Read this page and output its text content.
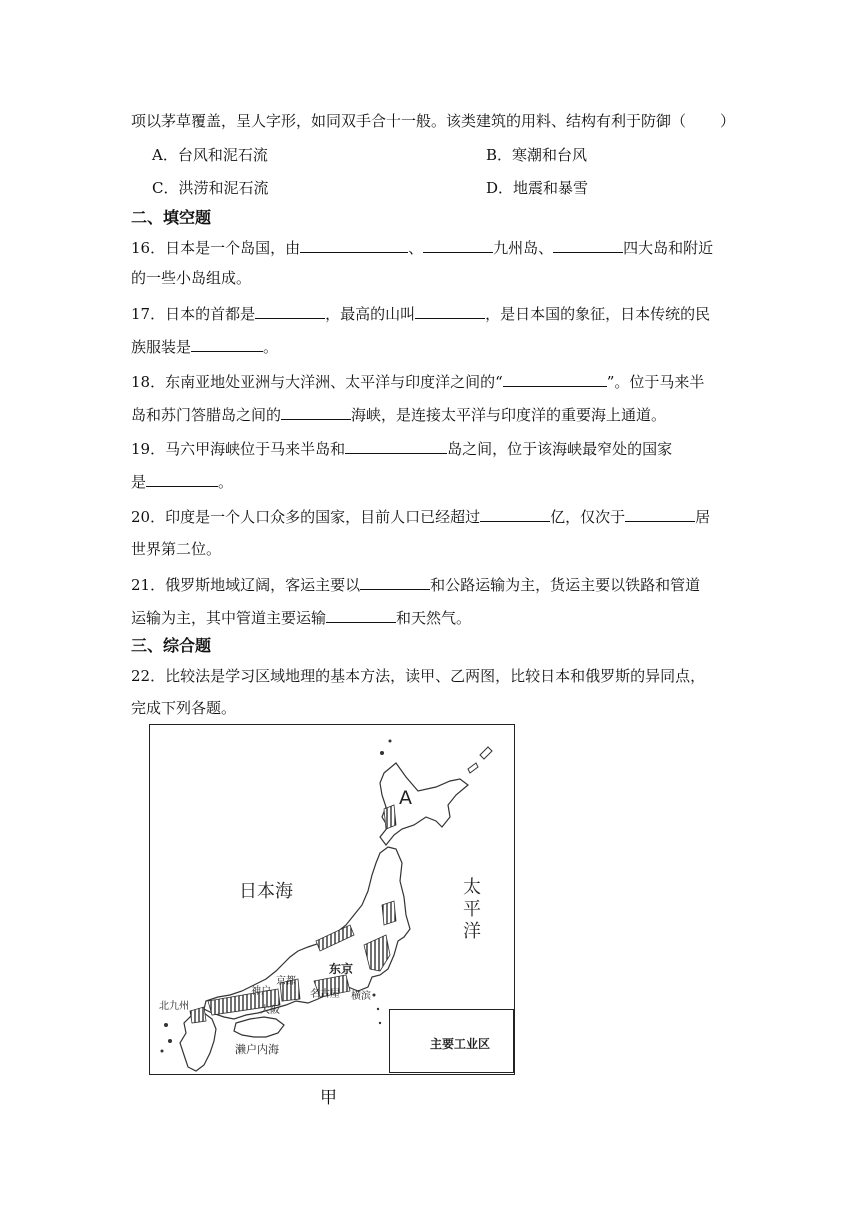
项以茅草覆盖，呈人字形，如同双手合十一般。该类建筑的用料、结构有利于防御（ ）
A．台风和泥石流	B．寒潮和台风
C．洪涝和泥石流	D．地震和暴雪
二、填空题
16．日本是一个岛国，由	、	九州岛、	四大岛和附近
的一些小岛组成。
17．日本的首都是	，最高的山叫	，是日本国的象征，日本传统的民
族服装是	。
18．东南亚地处亚洲与大洋洲、太平洋与印度洋之间的“	”。位于马来半
岛和苏门答腊岛之间的	海峡，是连接太平洋与印度洋的重要海上通道。
19．马六甲海峡位于马来半岛和	岛之间，位于该海峡最窄处的国家
是	。
20．印度是一个人口众多的国家，目前人口已经超过	亿，仅次于	居
世界第二位。
21．俄罗斯地域辽阔，客运主要以	和公路运输为主，货运主要以铁路和管道
运输为主，其中管道主要运输	和天然气。
三、综合题
22．比较法是学习区域地理的基本方法，读甲、乙两图，比较日本和俄罗斯的异同点，
完成下列各题。
A
日本海	太
平
洋
东京
京都
神户	名古屋 横滨
大阪
北九州
濑户内海	主要工业区
甲
